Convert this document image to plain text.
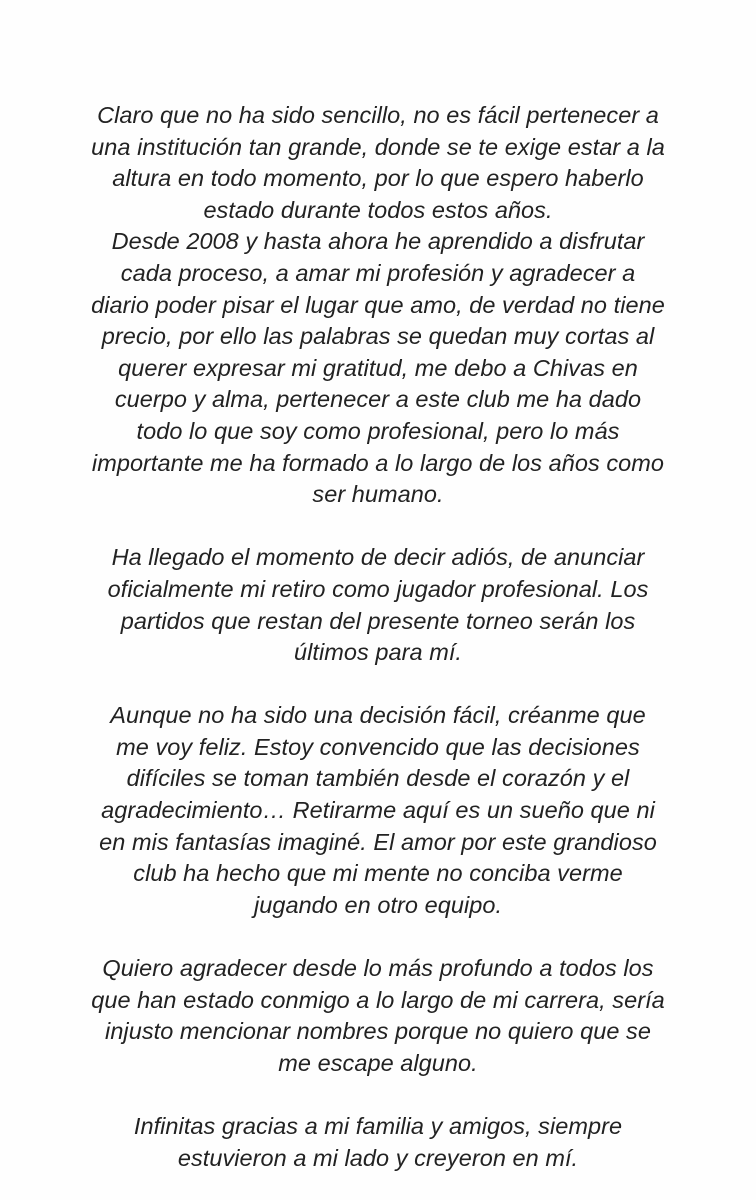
Claro que no ha sido sencillo, no es fácil pertenecer a
una institución tan grande, donde se te exige estar a la
altura en todo momento, por lo que espero haberlo
estado durante todos estos años.
Desde 2008 y hasta ahora he aprendido a disfrutar
cada proceso, a amar mi profesión y agradecer a
diario poder pisar el lugar que amo, de verdad no tiene
precio, por ello las palabras se quedan muy cortas al
querer expresar mi gratitud, me debo a Chivas en
cuerpo y alma, pertenecer a este club me ha dado
todo lo que soy como profesional, pero lo más
importante me ha formado a lo largo de los años como
ser humano.
Ha llegado el momento de decir adiós, de anunciar
oficialmente mi retiro como jugador profesional. Los
partidos que restan del presente torneo serán los
últimos para mí.
Aunque no ha sido una decisión fácil, créanme que
me voy feliz. Estoy convencido que las decisiones
difíciles se toman también desde el corazón y el
agradecimiento… Retirarme aquí es un sueño que ni
en mis fantasías imaginé. El amor por este grandioso
club ha hecho que mi mente no conciba verme
jugando en otro equipo.
Quiero agradecer desde lo más profundo a todos los
que han estado conmigo a lo largo de mi carrera, sería
injusto mencionar nombres porque no quiero que se
me escape alguno.
Infinitas gracias a mi familia y amigos, siempre
estuvieron a mi lado y creyeron en mí.
